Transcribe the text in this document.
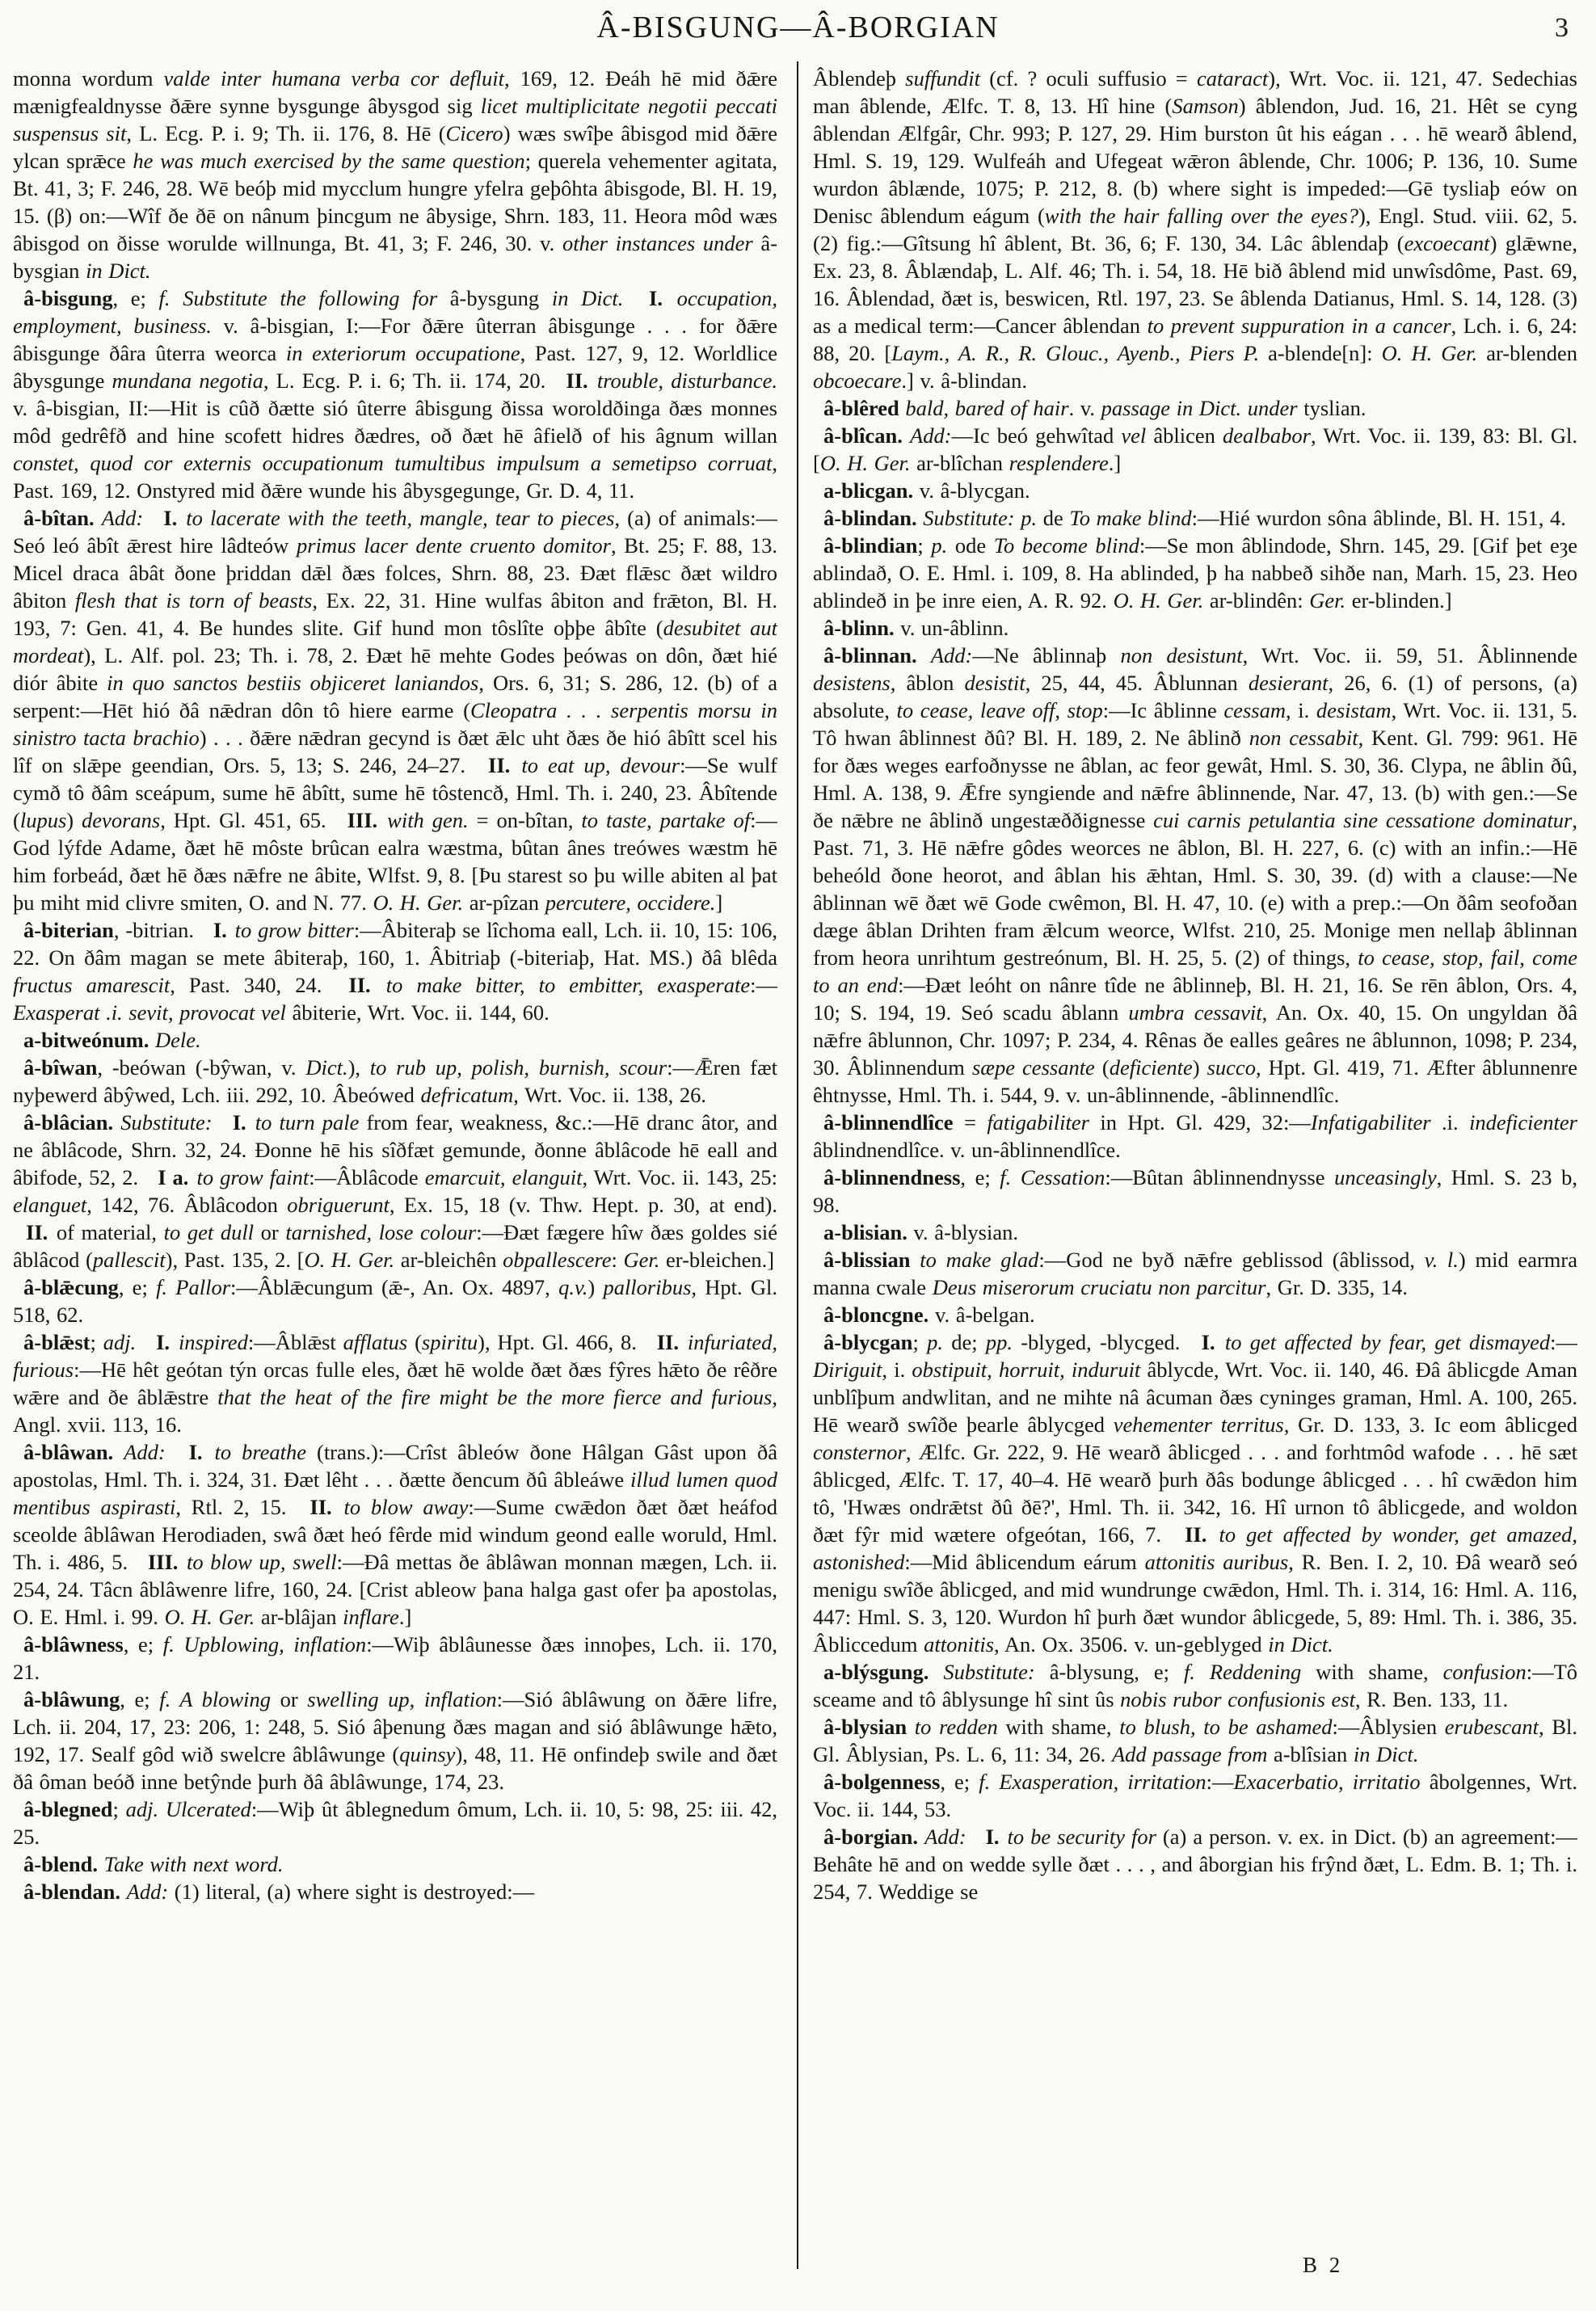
Â-BISGUNG—Â-BORGIAN	3

monna wordum valde inter humana verba cor defluit, 169, 12. Ðeáh hē mid ðǣre mænigfealdnysse ðǣre synne bysgunge âbysgod sig licet multiplicitate negotii peccati suspensus sit, L. Ecg. P. i. 9; Th. ii. 176, 8. Hē (Cicero) wæs swîþe âbisgod mid ðǣre ylcan sprǣce he was much exercised by the same question; querela vehementer agitata, Bt. 41, 3; F. 246, 28. Wē beóþ mid mycclum hungre yfelra geþôhta âbisgode, Bl. H. 19, 15. (β) on:—Wîf ðe ðē on nânum þincgum ne âbysige, Shrn. 183, 11. Heora môd wæs âbisgod on ðisse worulde willnunga, Bt. 41, 3; F. 246, 30. v. other instances under â-bysgian in Dict.

â-bisgung, e; f. Substitute the following for â-bysgung in Dict. I. occupation, employment, business. v. â-bisgian, I:—For ðǣre ûterran âbisgunge . . . for ðǣre âbisgunge ðâra ûterra weorca in exteriorum occupatione, Past. 127, 9, 12. Worldlice âbysgunge mundana negotia, L. Ecg. P. i. 6; Th. ii. 174, 20. II. trouble, disturbance. v. â-bisgian, II:—Hit is cûð ðætte sió ûterre âbisgung ðissa woroldðinga ðæs monnes môd gedrêfð and hine scofett hidres ðædres, oð ðæt hē âfielð of his âgnum willan constet, quod cor externis occupationum tumultibus impulsum a semetipso corruat, Past. 169, 12. Onstyred mid ðǣre wunde his âbysgegunge, Gr. D. 4, 11.

â-bîtan. Add: I. to lacerate with the teeth, mangle, tear to pieces, (a) of animals:—Seó leó âbît ǣrest hire lâdteów primus lacer dente cruento domitor, Bt. 25; F. 88, 13. Micel draca âbât ðone þriddan dǣl ðæs folces, Shrn. 88, 23. Ðæt flǣsc ðæt wildro âbiton flesh that is torn of beasts, Ex. 22, 31. Hine wulfas âbiton and frǣton, Bl. H. 193, 7: Gen. 41, 4. Be hundes slite. Gif hund mon tôslîte oþþe âbîte (desubitet aut mordeat), L. Alf. pol. 23; Th. i. 78, 2. Ðæt hē mehte Godes þeówas on dôn, ðæt hié diór âbite in quo sanctos bestiis objiceret laniandos, Ors. 6, 31; S. 286, 12. (b) of a serpent:—Hēt hió ðâ nǣdran dôn tô hiere earme (Cleopatra . . . serpentis morsu in sinistro tacta brachio) . . . ðǣre nǣdran gecynd is ðæt ǣlc uht ðæs ðe hió âbîtt scel his lîf on slǣpe geendian, Ors. 5, 13; S. 246, 24–27. II. to eat up, devour:—Se wulf cymð tô ðâm sceápum, sume hē âbîtt, sume hē tôstencð, Hml. Th. i. 240, 23. Âbîtende (lupus) devorans, Hpt. Gl. 451, 65. III. with gen. = on-bîtan, to taste, partake of:—God lýfde Adame, ðæt hē môste brûcan ealra wæstma, bûtan ânes treówes wæstm hē him forbeád, ðæt hē ðæs nǣfre ne âbite, Wlfst. 9, 8. [Þu starest so þu wille abiten al þat þu miht mid clivre smiten, O. and N. 77. O. H. Ger. ar-pîzan percutere, occidere.]

â-biterian, -bitrian. I. to grow bitter:—Âbiteraþ se lîchoma eall, Lch. ii. 10, 15: 106, 22. On ðâm magan se mete âbiteraþ, 160, 1. Âbitriaþ (-biteriaþ, Hat. MS.) ðâ blêda fructus amarescit, Past. 340, 24. II. to make bitter, to embitter, exasperate:—Exasperat .i. sevit, provocat vel âbiterie, Wrt. Voc. ii. 144, 60.

a-bitweónum. Dele.

â-bîwan, -beówan (-bŷwan, v. Dict.), to rub up, polish, burnish, scour:—Ǣren fæt nyþewerd âbŷwed, Lch. iii. 292, 10. Âbeówed defricatum, Wrt. Voc. ii. 138, 26.

â-blâcian. Substitute: I. to turn pale from fear, weakness, &c.:—Hē dranc âtor, and ne âblâcode, Shrn. 32, 24. Ðonne hē his sîðfæt gemunde, ðonne âblâcode hē eall and âbifode, 52, 2. I a. to grow faint:—Âblâcode emarcuit, elanguit, Wrt. Voc. ii. 143, 25: elanguet, 142, 76. Âblâcodon obriguerunt, Ex. 15, 18 (v. Thw. Hept. p. 30, at end). II. of material, to get dull or tarnished, lose colour:—Ðæt fægere hîw ðæs goldes sié âblâcod (pallescit), Past. 135, 2. [O. H. Ger. ar-bleichên obpallescere: Ger. er-bleichen.]

â-blǣcung, e; f. Pallor:—Âblǣcungum (ǣ-, An. Ox. 4897, q.v.) palloribus, Hpt. Gl. 518, 62.

â-blǣst; adj. I. inspired:—Âblǣst afflatus (spiritu), Hpt. Gl. 466, 8. II. infuriated, furious:—Hē hêt geótan týn orcas fulle eles, ðæt hē wolde ðæt ðæs fŷres hǣto ðe rêðre wǣre and ðe âblǣstre that the heat of the fire might be the more fierce and furious, Angl. xvii. 113, 16.

â-blâwan. Add: I. to breathe (trans.):—Crîst âbleów ðone Hâlgan Gâst upon ðâ apostolas, Hml. Th. i. 324, 31. Ðæt lêht . . . ðætte ðencum ðû âbleáwe illud lumen quod mentibus aspirasti, Rtl. 2, 15. II. to blow away:—Sume cwǣdon ðæt ðæt heáfod sceolde âblâwan Herodiaden, swâ ðæt heó fêrde mid windum geond ealle woruld, Hml. Th. i. 486, 5. III. to blow up, swell:—Ðâ mettas ðe âblâwan monnan mægen, Lch. ii. 254, 24. Tâcn âblâwenre lifre, 160, 24. [Crist ableow þana halga gast ofer þa apostolas, O. E. Hml. i. 99. O. H. Ger. ar-blâjan inflare.]

â-blâwness, e; f. Upblowing, inflation:—Wiþ âblâunesse ðæs innoþes, Lch. ii. 170, 21.

â-blâwung, e; f. A blowing or swelling up, inflation:—Sió âblâwung on ðǣre lifre, Lch. ii. 204, 17, 23: 206, 1: 248, 5. Sió âþenung ðæs magan and sió âblâwunge hǣto, 192, 17. Sealf gôd wið swelcre âblâwunge (quinsy), 48, 11. Hē onfindeþ swile and ðæt ðâ ôman beóð inne betŷnde þurh ðâ âblâwunge, 174, 23.

â-blegned; adj. Ulcerated:—Wiþ ût âblegnedum ômum, Lch. ii. 10, 5: 98, 25: iii. 42, 25.

â-blend. Take with next word.

â-blendan. Add: (1) literal, (a) where sight is destroyed:—

Âblendeþ suffundit (cf. ? oculi suffusio = cataract), Wrt. Voc. ii. 121, 47. Sedechias man âblende, Ælfc. T. 8, 13. Hî hine (Samson) âblendon, Jud. 16, 21. Hêt se cyng âblendan Ælfgâr, Chr. 993; P. 127, 29. Him burston ût his eágan . . . hē wearð âblend, Hml. S. 19, 129. Wulfeáh and Ufegeat wǣron âblende, Chr. 1006; P. 136, 10. Sume wurdon âblænde, 1075; P. 212, 8. (b) where sight is impeded:—Gē tysliaþ eów on Denisc âblendum eágum (with the hair falling over the eyes?), Engl. Stud. viii. 62, 5. (2) fig.:—Gîtsung hî âblent, Bt. 36, 6; F. 130, 34. Lâc âblendaþ (excoecant) glǣwne, Ex. 23, 8. Âblændaþ, L. Alf. 46; Th. i. 54, 18. Hē bið âblend mid unwîsdôme, Past. 69, 16. Âblendad, ðæt is, beswicen, Rtl. 197, 23. Se âblenda Datianus, Hml. S. 14, 128. (3) as a medical term:—Cancer âblendan to prevent suppuration in a cancer, Lch. i. 6, 24: 88, 20. [Laym., A. R., R. Glouc., Ayenb., Piers P. a-blende[n]: O. H. Ger. ar-blenden obcoecare.] v. â-blindan.

â-blêred bald, bared of hair. v. passage in Dict. under tyslian.

â-blîcan. Add:—Ic beó gehwîtad vel âblicen dealbabor, Wrt. Voc. ii. 139, 83: Bl. Gl. [O. H. Ger. ar-blîchan resplendere.]

a-blicgan. v. â-blycgan.

â-blindan. Substitute: p. de To make blind:—Hié wurdon sôna âblinde, Bl. H. 151, 4.

â-blindian; p. ode To become blind:—Se mon âblindode, Shrn. 145, 29. [Gif þet eȝe ablindað, O. E. Hml. i. 109, 8. Ha ablinded, þ ha nabbeð sihðe nan, Marh. 15, 23. Heo ablindeð in þe inre eien, A. R. 92. O. H. Ger. ar-blindên: Ger. er-blinden.]

â-blinn. v. un-âblinn.

â-blinnan. Add:—Ne âblinnaþ non desistunt, Wrt. Voc. ii. 59, 51. Âblinnende desistens, âblon desistit, 25, 44, 45. Âblunnan desierant, 26, 6. (1) of persons, (a) absolute, to cease, leave off, stop:—Ic âblinne cessam, i. desistam, Wrt. Voc. ii. 131, 5. Tô hwan âblinnest ðû? Bl. H. 189, 2. Ne âblinð non cessabit, Kent. Gl. 799: 961. Hē for ðæs weges earfoðnysse ne âblan, ac feor gewât, Hml. S. 30, 36. Clypa, ne âblin ðû, Hml. A. 138, 9. Ǣfre syngiende and nǣfre âblinnende, Nar. 47, 13. (b) with gen.:—Se ðe nǣbre ne âblinð ungestæððignesse cui carnis petulantia sine cessatione dominatur, Past. 71, 3. Hē nǣfre gôdes weorces ne âblon, Bl. H. 227, 6. (c) with an infin.:—Hē beheóld ðone heorot, and âblan his ǣhtan, Hml. S. 30, 39. (d) with a clause:—Ne âblinnan wē ðæt wē Gode cwêmon, Bl. H. 47, 10. (e) with a prep.:—On ðâm seofoðan dæge âblan Drihten fram ǣlcum weorce, Wlfst. 210, 25. Monige men nellaþ âblinnan from heora unrihtum gestreónum, Bl. H. 25, 5. (2) of things, to cease, stop, fail, come to an end:—Ðæt leóht on nânre tîde ne âblinneþ, Bl. H. 21, 16. Se rēn âblon, Ors. 4, 10; S. 194, 19. Seó scadu âblann umbra cessavit, An. Ox. 40, 15. On ungyldan ðâ nǣfre âblunnon, Chr. 1097; P. 234, 4. Rênas ðe ealles geâres ne âblunnon, 1098; P. 234, 30. Âblinnendum sæpe cessante (deficiente) succo, Hpt. Gl. 419, 71. Æfter âblunnenre êhtnysse, Hml. Th. i. 544, 9. v. un-âblinnende, -âblinnendlîc.

â-blinnendlîce = fatigabiliter in Hpt. Gl. 429, 32:—Infatigabiliter .i. indeficienter âblindnendlîce. v. un-âblinnendlîce.

â-blinnendness, e; f. Cessation:—Bûtan âblinnendnysse unceasingly, Hml. S. 23 b, 98.

a-blisian. v. â-blysian.

â-blissian to make glad:—God ne byð nǣfre geblissod (âblissod, v. l.) mid earmra manna cwale Deus miserorum cruciatu non parcitur, Gr. D. 335, 14.

â-bloncgne. v. â-belgan.

â-blycgan; p. de; pp. -blyged, -blycged. I. to get affected by fear, get dismayed:—Diriguit, i. obstipuit, horruit, induruit âblycde, Wrt. Voc. ii. 140, 46. Ðâ âblicgde Aman unblîþum andwlitan, and ne mihte nâ âcuman ðæs cyninges graman, Hml. A. 100, 265. Hē wearð swîðe þearle âblycged vehementer territus, Gr. D. 133, 3. Ic eom âblicged consternor, Ælfc. Gr. 222, 9. Hē wearð âblicged . . . and forhtmôd wafode . . . hē sæt âblicged, Ælfc. T. 17, 40–4. Hē wearð þurh ðâs bodunge âblicged . . . hî cwǣdon him tô, 'Hwæs ondrǣtst ðû ðē?', Hml. Th. ii. 342, 16. Hî urnon tô âblicgede, and woldon ðæt fŷr mid wætere ofgeótan, 166, 7. II. to get affected by wonder, get amazed, astonished:—Mid âblicendum eárum attonitis auribus, R. Ben. I. 2, 10. Ðâ wearð seó menigu swîðe âblicged, and mid wundrunge cwǣdon, Hml. Th. i. 314, 16: Hml. A. 116, 447: Hml. S. 3, 120. Wurdon hî þurh ðæt wundor âblicgede, 5, 89: Hml. Th. i. 386, 35. Âbliccedum attonitis, An. Ox. 3506. v. un-geblyged in Dict.

a-blýsgung. Substitute: â-blysung, e; f. Reddening with shame, confusion:—Tô sceame and tô âblysunge hî sint ûs nobis rubor confusionis est, R. Ben. 133, 11.

â-blysian to redden with shame, to blush, to be ashamed:—Âblysien erubescant, Bl. Gl. Âblysian, Ps. L. 6, 11: 34, 26. Add passage from a-blîsian in Dict.

â-bolgenness, e; f. Exasperation, irritation:—Exacerbatio, irritatio âbolgennes, Wrt. Voc. ii. 144, 53.

â-borgian. Add: I. to be security for (a) a person. v. ex. in Dict. (b) an agreement:—Behâte hē and on wedde sylle ðæt . . . , and âborgian his frŷnd ðæt, L. Edm. B. 1; Th. i. 254, 7. Weddige se

B 2
